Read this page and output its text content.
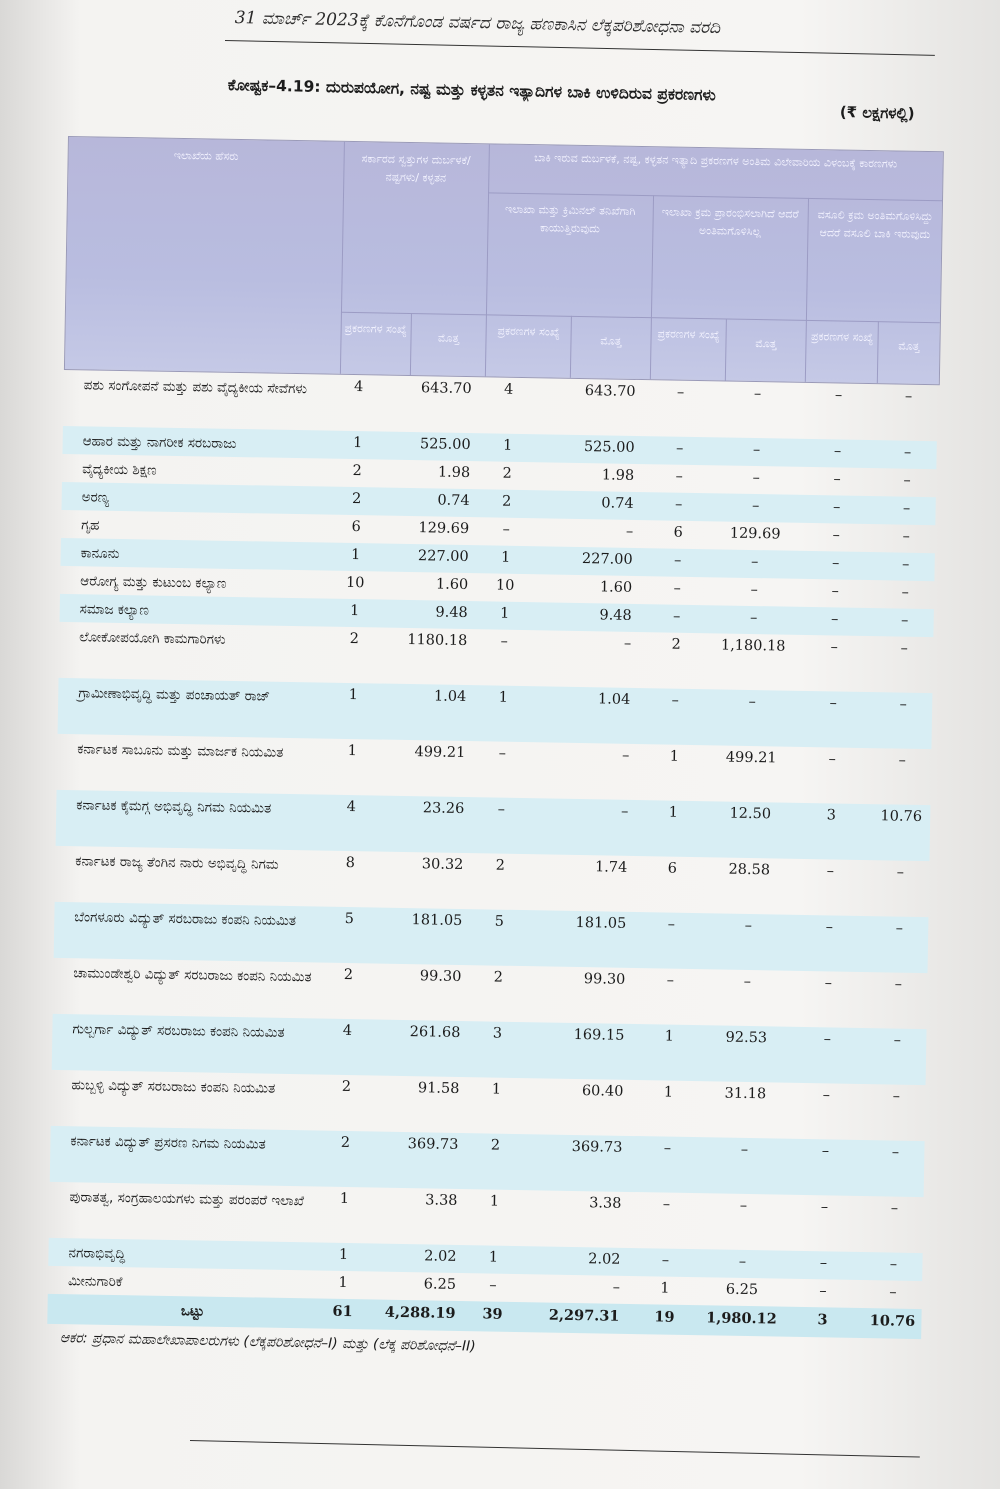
31 ಮಾರ್ಚ್ 2023ಕ್ಕೆ ಕೊನೆಗೊಂಡ ವರ್ಷದ ರಾಜ್ಯ ಹಣಕಾಸಿನ ಲೆಕ್ಕಪರಿಶೋಧನಾ ವರದಿ
ಕೋಷ್ಟಕ–4.19: ದುರುಪಯೋಗ, ನಷ್ಟ ಮತ್ತು ಕಳ್ಳತನ ಇತ್ಯಾದಿಗಳ ಬಾಕಿ ಉಳಿದಿರುವ ಪ್ರಕರಣಗಳು
(₹ ಲಕ್ಷಗಳಲ್ಲಿ)
ಇಲಾಖೆಯ ಹೆಸರು	ಸರ್ಕಾರದ ಸ್ವತ್ತುಗಳ ದುರ್ಬಳಕೆ/ನಷ್ಟಗಳು/ ಕಳ್ಳತನ
ಬಾಕಿ ಇರುವ ದುರ್ಬಳಕೆ, ನಷ್ಟ, ಕಳ್ಳತನ ಇತ್ಯಾದಿ ಪ್ರಕರಣಗಳ ಅಂತಿಮ ವಿಲೇವಾರಿಯ ವಿಳಂಬಕ್ಕೆ ಕಾರಣಗಳು
ಇಲಾಖಾ ಮತ್ತು ಕ್ರಿಮಿನಲ್ ತನಿಖೆಗಾಗಿ ಕಾಯುತ್ತಿರುವುದು
ಇಲಾಖಾ ಕ್ರಮ ಪ್ರಾರಂಭಿಸಲಾಗಿದೆ ಆದರೆ ಅಂತಿಮಗೊಳಿಸಿಲ್ಲ
ವಸೂಲಿ ಕ್ರಮ ಅಂತಿಮಗೊಳಿಸಿದ್ದು ಆದರೆ ವಸೂಲಿ ಬಾಕಿ ಇರುವುದು
ಪ್ರಕರಣಗಳ ಸಂಖ್ಯೆ
ಮೊತ್ತ	ಪ್ರಕರಣಗಳ ಸಂಖ್ಯೆ
ಮೊತ್ತ	ಪ್ರಕರಣಗಳ ಸಂಖ್ಯೆ
ಮೊತ್ತ	ಪ್ರಕರಣಗಳ ಸಂಖ್ಯೆ
ಮೊತ್ತ
ಪಶು ಸಂಗೋಪನೆ ಮತ್ತು ಪಶು ವೈದ್ಯಕೀಯ ಸೇವೆಗಳು	4	643.70	4	643.70	–	–	–	–
ಆಹಾರ ಮತ್ತು ನಾಗರೀಕ ಸರಬರಾಜು	1	525.00	1	525.00	–	–	–	–
ವೈದ್ಯಕೀಯ ಶಿಕ್ಷಣ	2	1.98	2	1.98	–	–	–	–
ಅರಣ್ಯ	2	0.74	2	0.74	–	–	–	–
ಗೃಹ	6	129.69	–	–	6	129.69	–	–
ಕಾನೂನು	1	227.00	1	227.00	–	–	–	–
ಆರೋಗ್ಯ ಮತ್ತು ಕುಟುಂಬ ಕಲ್ಯಾಣ	10	1.60	10	1.60	–	–	–	–
ಸಮಾಜ ಕಲ್ಯಾಣ	1	9.48	1	9.48	–	–	–	–
ಲೋಕೋಪಯೋಗಿ ಕಾಮಗಾರಿಗಳು	2	1180.18	–	–	2	1,180.18	–	–
ಗ್ರಾಮೀಣಾಭಿವೃದ್ಧಿ ಮತ್ತು ಪಂಚಾಯತ್ ರಾಜ್	1	1.04	1	1.04	–	–	–	–
ಕರ್ನಾಟಕ ಸಾಬೂನು ಮತ್ತು ಮಾರ್ಜಕ ನಿಯಮಿತ	1	499.21	–	–	1	499.21	–	–
ಕರ್ನಾಟಕ ಕೈಮಗ್ಗ ಅಭಿವೃದ್ಧಿ ನಿಗಮ ನಿಯಮಿತ	4	23.26	–	–	1	12.50	3	10.76
ಕರ್ನಾಟಕ ರಾಜ್ಯ ತೆಂಗಿನ ನಾರು ಅಭಿವೃದ್ಧಿ ನಿಗಮ	8	30.32	2	1.74	6	28.58	–	–
ಬೆಂಗಳೂರು ವಿದ್ಯುತ್ ಸರಬರಾಜು ಕಂಪನಿ ನಿಯಮಿತ	5	181.05	5	181.05	–	–	–	–
ಚಾಮುಂಡೇಶ್ವರಿ ವಿದ್ಯುತ್ ಸರಬರಾಜು ಕಂಪನಿ ನಿಯಮಿತ	2	99.30	2	99.30	–	–	–	–
ಗುಲ್ಬರ್ಗಾ ವಿದ್ಯುತ್ ಸರಬರಾಜು ಕಂಪನಿ ನಿಯಮಿತ	4	261.68	3	169.15	1	92.53	–	–
ಹುಬ್ಬಳ್ಳಿ ವಿದ್ಯುತ್ ಸರಬರಾಜು ಕಂಪನಿ ನಿಯಮಿತ	2	91.58	1	60.40	1	31.18	–	–
ಕರ್ನಾಟಕ ವಿದ್ಯುತ್ ಪ್ರಸರಣ ನಿಗಮ ನಿಯಮಿತ	2	369.73	2	369.73	–	–	–	–
ಪುರಾತತ್ವ, ಸಂಗ್ರಹಾಲಯಗಳು ಮತ್ತು ಪರಂಪರೆ ಇಲಾಖೆ	1	3.38	1	3.38	–	–	–	–
ನಗರಾಭಿವೃದ್ಧಿ	1	2.02	1	2.02	–	–	–	–
ಮೀನುಗಾರಿಕೆ	1	6.25	–	–	1	6.25	–	–
ಒಟ್ಟು	61	4,288.19	39	2,297.31	19	1,980.12	3	10.76
ಆಕರ: ಪ್ರಧಾನ ಮಹಾಲೇಖಾಪಾಲರುಗಳು (ಲೆಕ್ಕಪರಿಶೋಧನೆ–I) ಮತ್ತು (ಲೆಕ್ಕ ಪರಿಶೋಧನೆ–II)
